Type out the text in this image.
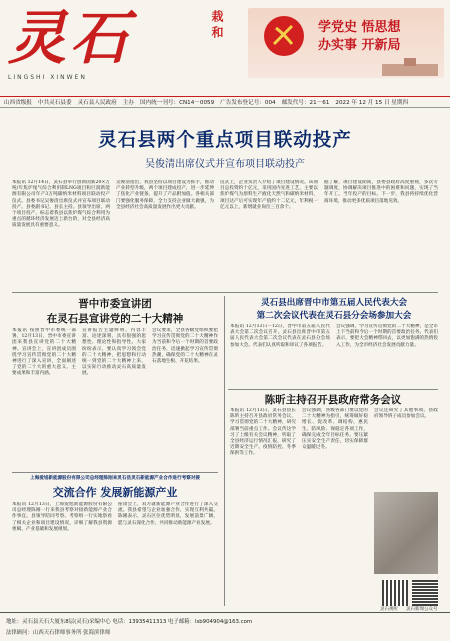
灵石	栽 和
LINGSHI XINWEN
学党史 悟思想
办实事 开新局
山西省级报 中共灵石县委 灵石县人民政府 主办 国内统一刊号：CN14－0059 广告发布登记号：004 邮发代号：21－61 2022 年 12 月 15 日 星期四
灵石县两个重点项目联动投产
吴俊清出席仪式并宣布项目联动投产
本报讯 12月14日，灵石县举行创新园新20×万吨/年焦炉尾气综合利用制LNG项目和巨润新能源有限公司年产3万吨碳纳米材料项目联动投产仪式。县委书记吴俊清出席仪式并宣布项目联动投产。县委副书记、县长主持。县领导出席。两个项目投产，标志着我县以焦炉煤气综合利用为重点的循环经济发展迈上新台阶，对全县经济高质量发展具有重要意义。
吴俊清指出，我县坚持以项目建设为抓手，推动产业转型升级，两个项目建成投产，进一步延伸了焦化产业链条，提升了产品附加值。各相关部门要强化服务保障，全力支持企业做大做强，为全县经济社会高质量发展作出更大贡献。
仪式上，企业负责人介绍了项目建设情况。该项目总投资约十亿元，采用国内先进工艺，主要以焦炉煤气为原料生产液化天然气和碳纳米材料，项目达产后可实现年产值约十二亿元，年利税一亿元以上，新增就业岗位三百余个。
据了解，项目建设期间，县委县政府高度重视，多次专题调度，协调解决项目推进中的困难和问题，实现了当年开工、当年投产的目标。下一步，我县将持续优化营商环境，推动更多优质项目落地见效。
晋中市委宣讲团
在灵石县宣讲党的二十大精神
本报讯 按照晋中市委统一部署，12月13日，晋中市委宣讲团来我县宣讲党的二十大精神。宣讲会上，宣讲团成员围绕学习宣传贯彻党的二十大精神进行了深入宣讲，全面阐述了党的二十大的重大意义、主要成果和丰富内涵。
宣讲报告主题鲜明、内容丰富、论述深刻，具有很强的思想性、理论性和指导性。大家纷纷表示，要认真学习领会党的二十大精神，把思想和行动统一到党的二十大精神上来，以实际行动推动灵石高质量发展。
会议要求，全县各级党组织要把学习宣传贯彻党的二十大精神作为当前和今后一个时期的首要政治任务，迅速掀起学习宣传贯彻热潮，确保党的二十大精神在灵石落地生根、开花结果。
灵石县出席晋中市第五届人民代表大会
第二次会议代表在灵石县分会场参加大会
本报讯 12月13日－12日，晋中市第五届人民代表大会第二次会议召开。灵石县出席晋中市第五届人民代表大会第二次会议代表在灵石县分会场参加大会。代表们认真听取和审议了各项报告。
会议强调，学习宣传贯彻党的二十大精神，是全市上下当前和今后一个时期的首要政治任务。代表们表示，要把大会精神带回去，以更加饱满的热情投入工作，为全市经济社会发展贡献力量。
陈昕主持召开县政府常务会议
本报讯 12月13日，灵石县县长陈昕主持召开县政府常务会议，学习贯彻党的二十大精神，研究部署当前重点工作。会议传达学习了上级有关会议精神，听取了全县经济运行情况汇报，研究了近期安全生产、疫情防控、冬季保供等工作。
会议强调，各级各部门要以党的二十大精神为指引，统筹做好稳增长、促改革、调结构、惠民生、防风险、保稳定各项工作，确保完成全年目标任务。要压紧压实安全生产责任，切实保障群众温暖过冬。
会议还研究了其他事项。县政府领导班子成员参加会议。
上海爱旭新能源股份有限公司总经理陈刚来灵石县灵石新能源产业合作进行考察对接
交流合作 发展新能源产业
本报讯 12月13日，上海爱旭新能源股份有限公司总经理陈刚一行来我县考察对接新能源产业合作事宜。县领导陪同考察。考察组一行实地察看了相关企业和项目建设情况，详细了解我县资源禀赋、产业基础和发展规划。
座谈会上，双方就新能源产业合作进行了深入交流。我县希望与企业加强合作，实现互利共赢。陈刚表示，灵石区位优势明显，发展前景广阔，愿与灵石深化合作，共同推动新能源产业发展。
灵石视听 灵石新闻公众号
地址：灵石县天石大厦东8层(灵石)采编中心 电话：13935411313 电子邮箱：lsb904904@163.com
法律顾问：山西天石律师事务所 张海滨律师
